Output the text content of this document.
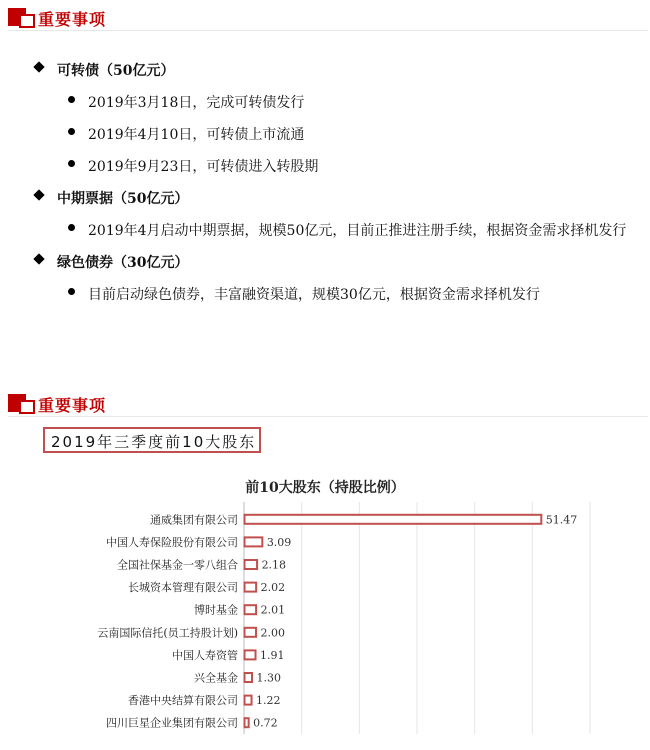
重要事项
可转债（50亿元）
2019年3月18日，完成可转债发行
2019年4月10日，可转债上市流通
2019年9月23日，可转债进入转股期
中期票据（50亿元）
2019年4月启动中期票据，规模50亿元，目前正推进注册手续，根据资金需求择机发行
绿色债券（30亿元）
目前启动绿色债券，丰富融资渠道，规模30亿元，根据资金需求择机发行
重要事项
2019年三季度前10大股东
前10大股东（持股比例）
通威集团有限公司	51.47
中国人寿保险股份有限公司	3.09
全国社保基金一零八组合 2.18
长城资本管理有限公司 2.02
博时基金 2.01
云南国际信托(员工持股计划) 2.00
中国人寿资管 1.91
兴全基金 1.30
香港中央结算有限公司 1.22
四川巨星企业集团有限公司 0.72
